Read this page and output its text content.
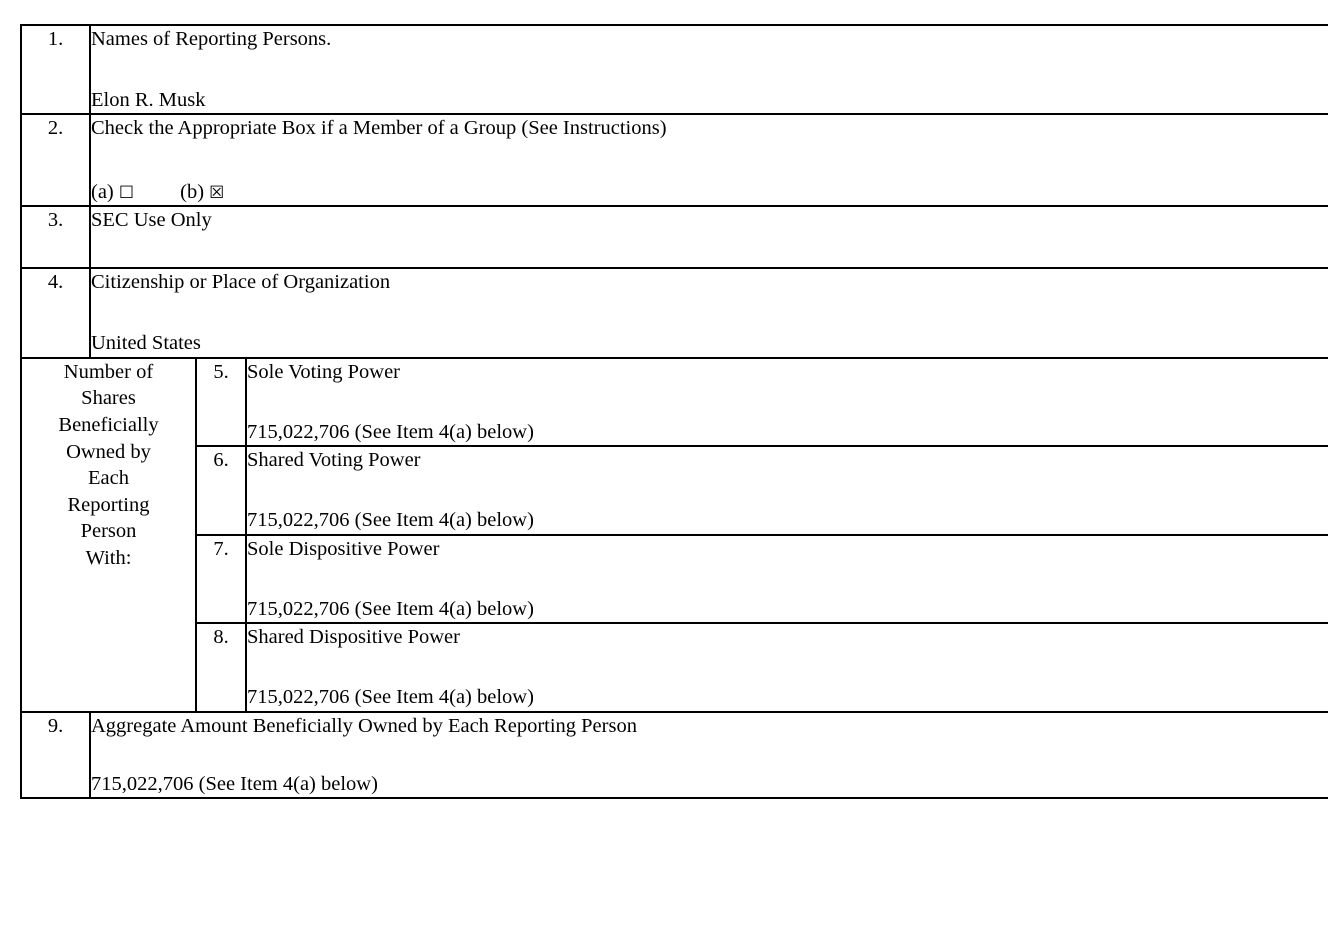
1.	Names of Reporting Persons.
Elon R. Musk		

2.	Check the Appropriate Box if a Member of a Group (See Instructions)
(a) ☐ (b) ☒		

3.	SEC Use Only		

4.	Citizenship or Place of Organization
United States		

Number of
Shares
Beneficially
Owned by
Each
Reporting
Person
With:	5.	Sole Voting Power
715,022,706 (See Item 4(a) below)

		6.	Shared Voting Power
715,022,706 (See Item 4(a) below)

		7.	Sole Dispositive Power
715,022,706 (See Item 4(a) below)

		8.	Shared Dispositive Power
715,022,706 (See Item 4(a) below)

9.	Aggregate Amount Beneficially Owned by Each Reporting Person
715,022,706 (See Item 4(a) below)		
